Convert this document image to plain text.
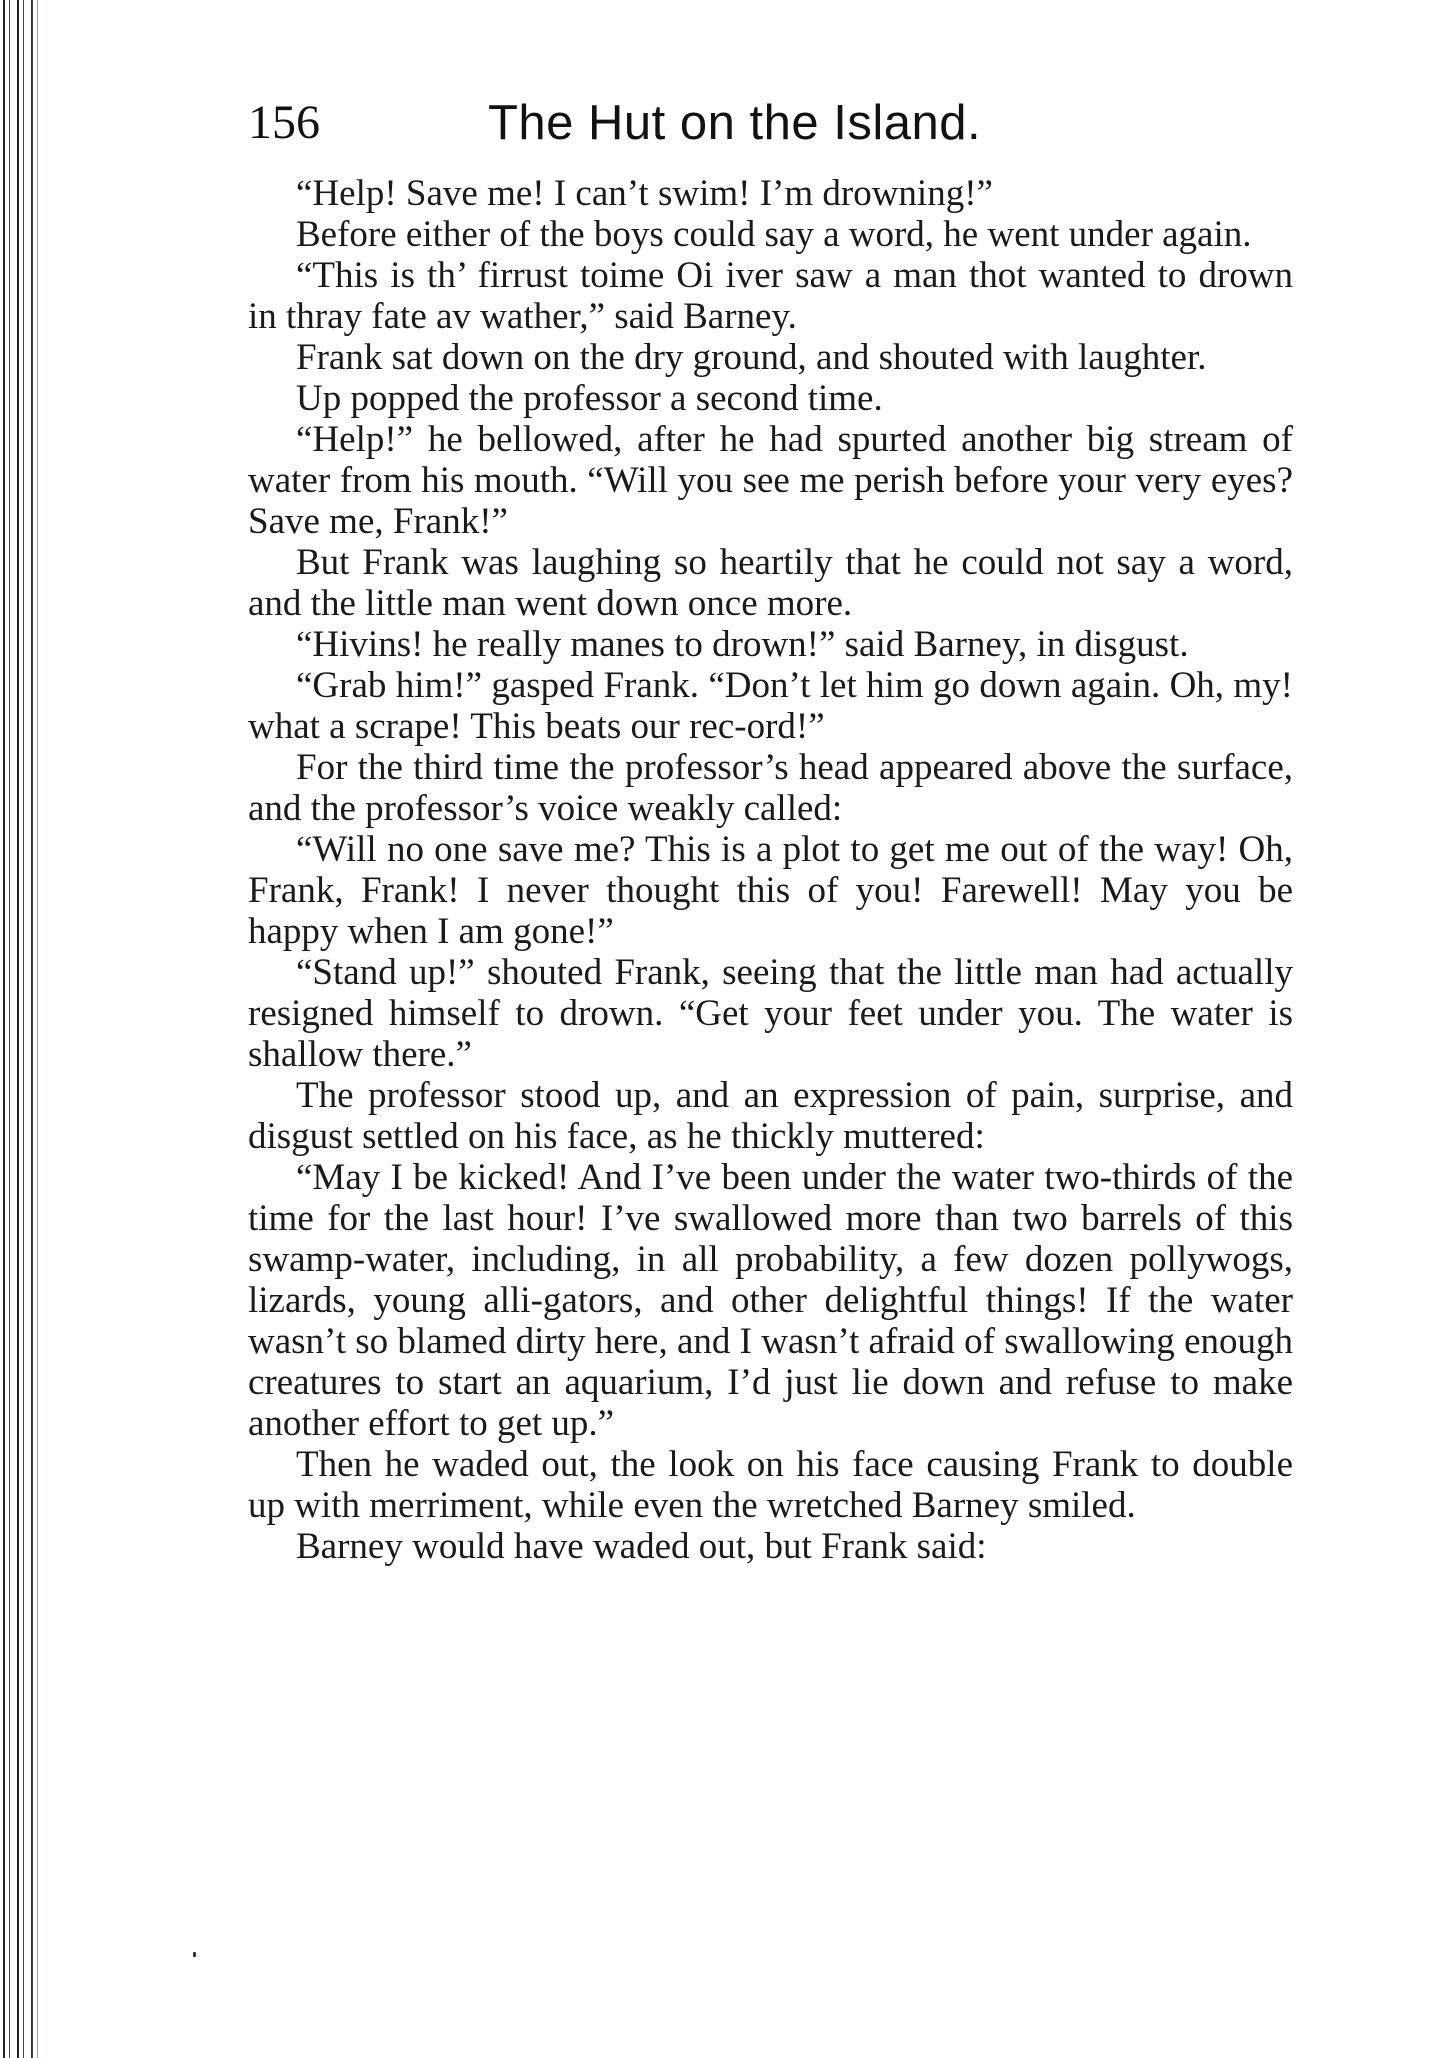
156	The Hut on the Island.

“Help! Save me! I can’t swim! I’m drowning!”

Before either of the boys could say a word, he went under again.

“This is th’ firrust toime Oi iver saw a man thot wanted to drown in thray fate av wather,” said Barney.

Frank sat down on the dry ground, and shouted with laughter.

Up popped the professor a second time.

“Help!” he bellowed, after he had spurted another big stream of water from his mouth. “Will you see me perish before your very eyes? Save me, Frank!”

But Frank was laughing so heartily that he could not say a word, and the little man went down once more.

“Hivins! he really manes to drown!” said Barney, in disgust.

“Grab him!” gasped Frank. “Don’t let him go down again. Oh, my! what a scrape! This beats our rec-ord!”

For the third time the professor’s head appeared above the surface, and the professor’s voice weakly called:

“Will no one save me? This is a plot to get me out of the way! Oh, Frank, Frank! I never thought this of you! Farewell! May you be happy when I am gone!”

“Stand up!” shouted Frank, seeing that the little man had actually resigned himself to drown. “Get your feet under you. The water is shallow there.”

The professor stood up, and an expression of pain, surprise, and disgust settled on his face, as he thickly muttered:

“May I be kicked! And I’ve been under the water two-thirds of the time for the last hour! I’ve swallowed more than two barrels of this swamp-water, including, in all probability, a few dozen pollywogs, lizards, young alli-gators, and other delightful things! If the water wasn’t so blamed dirty here, and I wasn’t afraid of swallowing enough creatures to start an aquarium, I’d just lie down and refuse to make another effort to get up.”

Then he waded out, the look on his face causing Frank to double up with merriment, while even the wretched Barney smiled.

Barney would have waded out, but Frank said:
